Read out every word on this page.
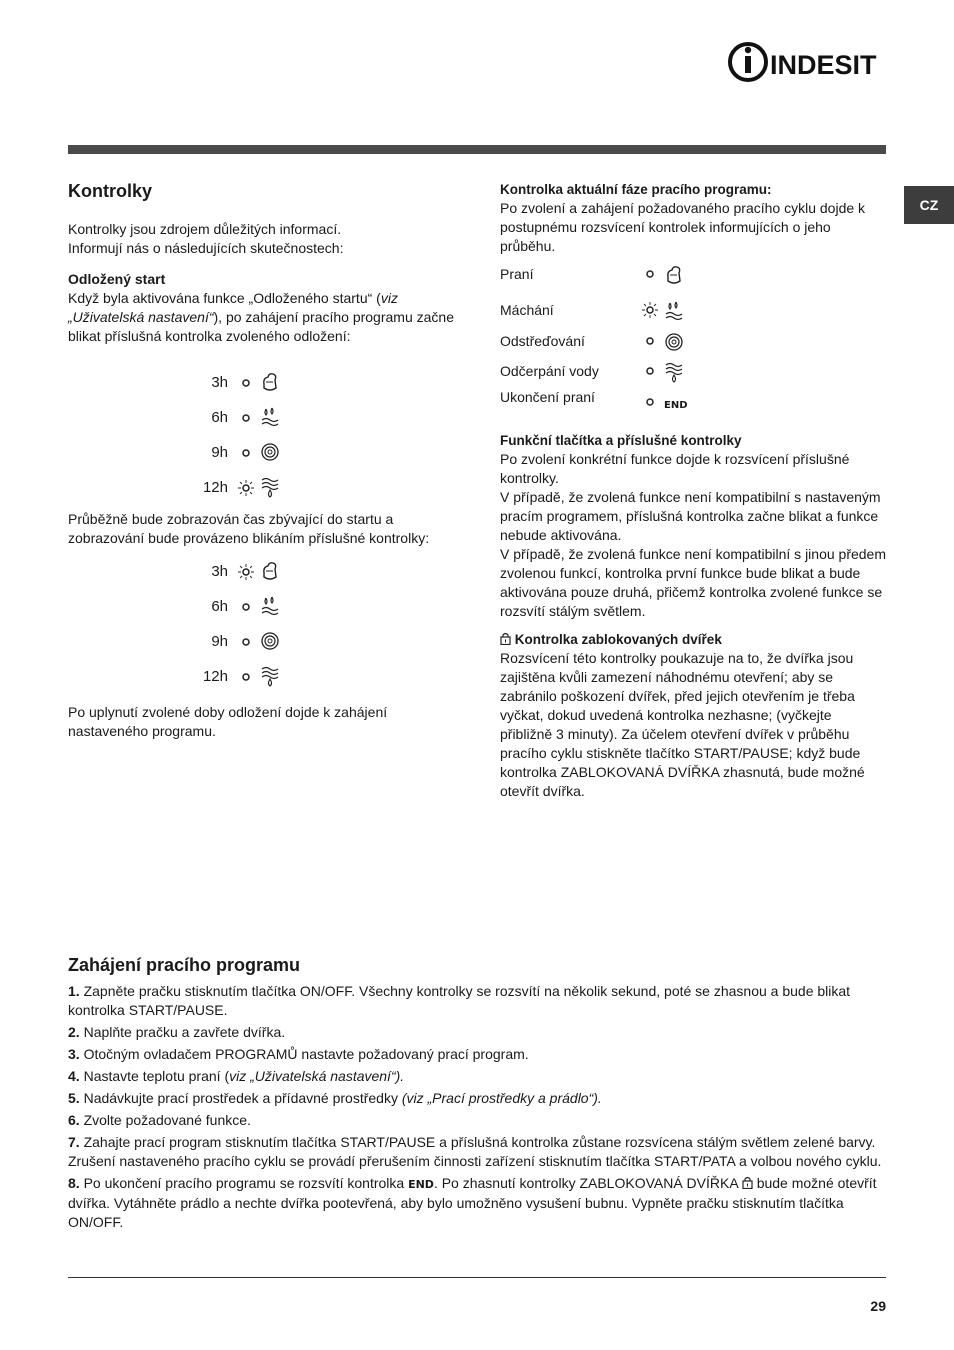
INDESIT
CZ
Kontrolky

Kontrolky jsou zdrojem důležitých informací.

Informují nás o následujících skutečnostech:

Odložený start

Když byla aktivována funkce „Odloženého startu“ (viz „Uživatelská nastavení“), po zahájení pracího programu začne blikat příslušná kontrolka zvoleného odložení:

3h
6h
9h
12h

Průběžně bude zobrazován čas zbývající do startu a zobrazování bude provázeno blikáním příslušné kontrolky:

3h
6h
9h
12h

Po uplynutí zvolené doby odložení dojde k zahájení nastaveného programu.

Kontrolka aktuální fáze pracího programu:

Po zvolení a zahájení požadovaného pracího cyklu dojde k postupnému rozsvícení kontrolek informujících o jeho průběhu.

Praní
Máchání
Odstřeďování
Odčerpání vody
Ukončení praní
END

Funkční tlačítka a příslušné kontrolky

Po zvolení konkrétní funkce dojde k rozsvícení příslušné kontrolky.

V případě, že zvolená funkce není kompatibilní s nastaveným pracím programem, příslušná kontrolka začne blikat a funkce nebude aktivována.

V případě, že zvolená funkce není kompatibilní s jinou předem zvolenou funkcí, kontrolka první funkce bude blikat a bude aktivována pouze druhá, přičemž kontrolka zvolené funkce se rozsvítí stálým světlem.

Kontrolka zablokovaných dvířek

Rozsvícení této kontrolky poukazuje na to, že dvířka jsou zajištěna kvůli zamezení náhodnému otevření; aby se zabránilo poškození dvířek, před jejich otevřením je třeba vyčkat, dokud uvedená kontrolka nezhasne; (vyčkejte přibližně 3 minuty). Za účelem otevření dvířek v průběhu pracího cyklu stiskněte tlačítko START/PAUSE; když bude kontrolka ZABLOKOVANÁ DVÍŘKA zhasnutá, bude možné otevřít dvířka.

Zahájení pracího programu

1. Zapněte pračku stisknutím tlačítka ON/OFF. Všechny kontrolky se rozsvítí na několik sekund, poté se zhasnou a bude blikat kontrolka START/PAUSE.

2. Naplňte pračku a zavřete dvířka.

3. Otočným ovladačem PROGRAMŮ nastavte požadovaný prací program.

4. Nastavte teplotu praní (viz „Uživatelská nastavení“).

5. Nadávkujte prací prostředek a přídavné prostředky (viz „Prací prostředky a prádlo“).

6. Zvolte požadované funkce.

7. Zahajte prací program stisknutím tlačítka START/PAUSE a příslušná kontrolka zůstane rozsvícena stálým světlem zelené barvy. Zrušení nastaveného pracího cyklu se provádí přerušením činnosti zařízení stisknutím tlačítka START/PATA a volbou nového cyklu.

8. Po ukončení pracího programu se rozsvítí kontrolka END. Po zhasnutí kontrolky ZABLOKOVANÁ DVÍŘKA  bude možné otevřít dvířka. Vytáhněte prádlo a nechte dvířka pootevřená, aby bylo umožněno vysušení bubnu. Vypněte pračku stisknutím tlačítka ON/OFF.

29
